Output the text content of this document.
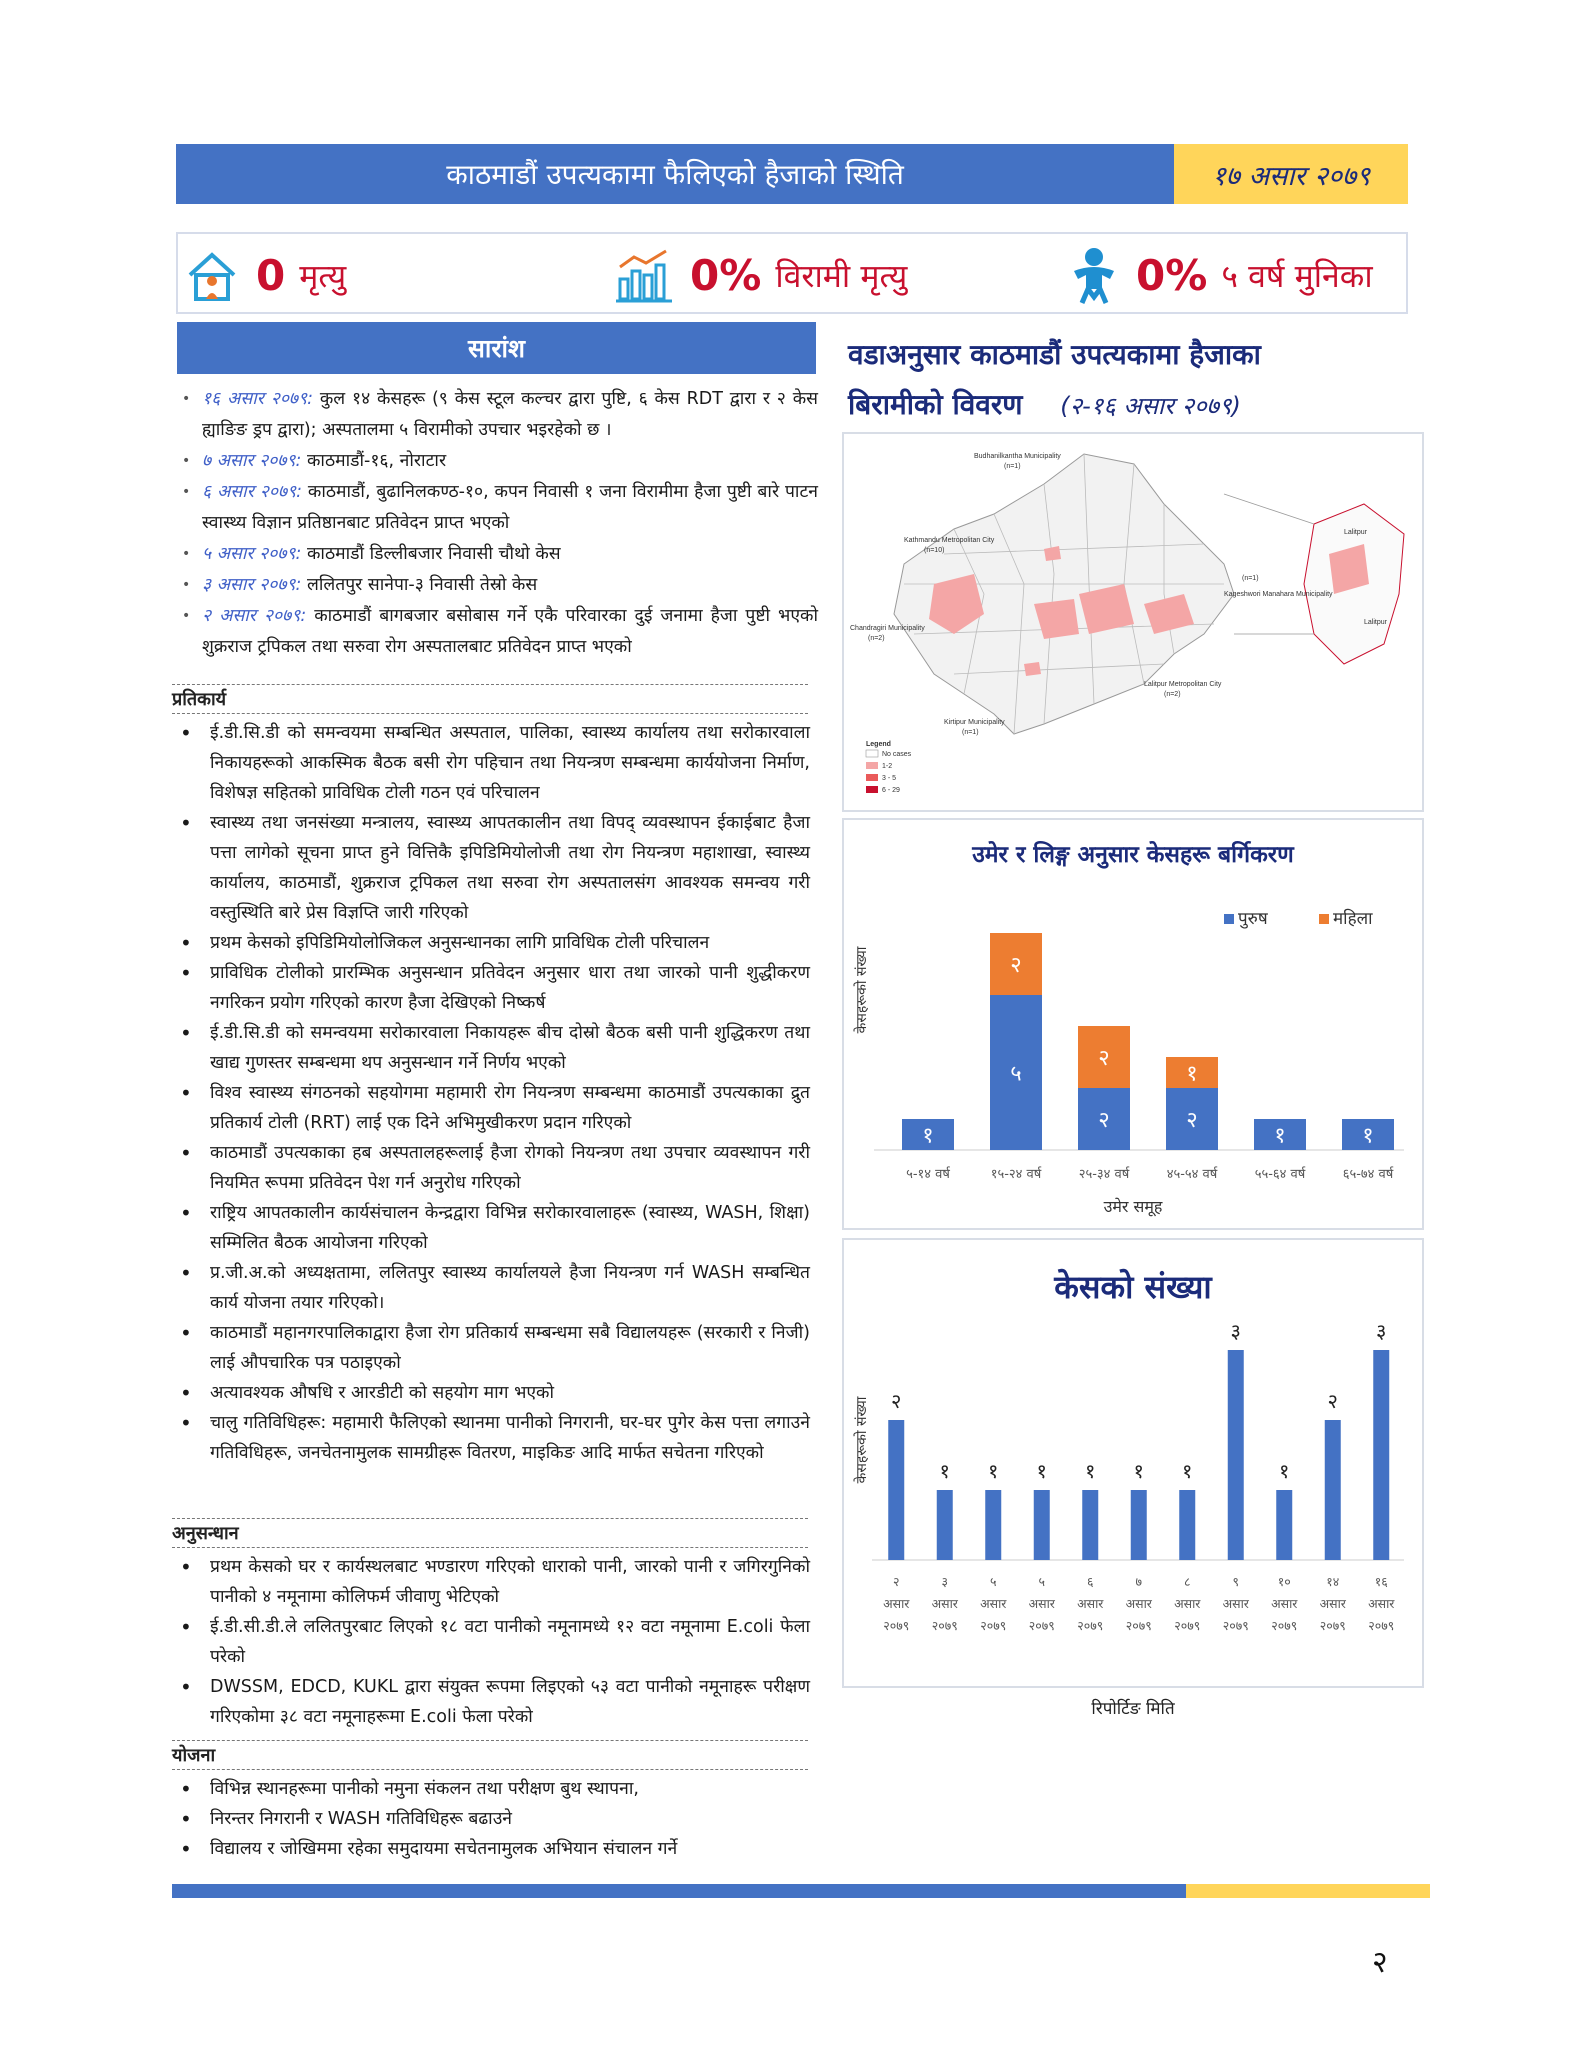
काठमाडौं उपत्यकामा फैलिएको हैजाको स्थिति	१७ असार २०७९
0 मृत्यु	0% विरामी मृत्यु	0% ५ वर्ष मुनिका
सारांश
• १६ असार २०७९: कुल १४ केसहरू (९ केस स्टूल कल्चर द्वारा पुष्टि, ६ केस RDT द्वारा र २ केस ह्याङिङ ड्रप द्वारा); अस्पतालमा ५ विरामीको उपचार भइरहेको छ ।
• ७ असार २०७९: काठमाडौं-१६, नोराटार
• ६ असार २०७९: काठमाडौं, बुढानिलकण्ठ-१०, कपन निवासी १ जना विरामीमा हैजा पुष्टी बारे पाटन स्वास्थ्य विज्ञान प्रतिष्ठानबाट प्रतिवेदन प्राप्त भएको
• ५ असार २०७९: काठमाडौं डिल्लीबजार निवासी चौथो केस
• ३ असार २०७९: ललितपुर सानेपा-३ निवासी तेस्रो केस
• २ असार २०७९: काठमाडौं बागबजार बसोबास गर्ने एकै परिवारका दुई जनामा हैजा पुष्टी भएको शुक्रराज ट्रपिकल तथा सरुवा रोग अस्पतालबाट प्रतिवेदन प्राप्त भएको
प्रतिकार्य
• ई.डी.सि.डी को समन्वयमा सम्बन्धित अस्पताल, पालिका, स्वास्थ्य कार्यालय तथा सरोकारवाला निकायहरूको आकस्मिक बैठक बसी रोग पहिचान तथा नियन्त्रण सम्बन्धमा कार्ययोजना निर्माण, विशेषज्ञ सहितको प्राविधिक टोली गठन एवं परिचालन
• स्वास्थ्य तथा जनसंख्या मन्त्रालय, स्वास्थ्य आपतकालीन तथा विपद् व्यवस्थापन ईकाईबाट हैजा पत्ता लागेको सूचना प्राप्त हुने वित्तिकै इपिडिमियोलोजी तथा रोग नियन्त्रण महाशाखा, स्वास्थ्य कार्यालय, काठमाडौं, शुक्रराज ट्रपिकल तथा सरुवा रोग अस्पतालसंग आवश्यक समन्वय गरी वस्तुस्थिति बारे प्रेस विज्ञप्ति जारी गरिएको
• प्रथम केसको इपिडिमियोलोजिकल अनुसन्धानका लागि प्राविधिक टोली परिचालन
• प्राविधिक टोलीको प्रारम्भिक अनुसन्धान प्रतिवेदन अनुसार धारा तथा जारको पानी शुद्धीकरण नगरिकन प्रयोग गरिएको कारण हैजा देखिएको निष्कर्ष
• ई.डी.सि.डी को समन्वयमा सरोकारवाला निकायहरू बीच दोस्रो बैठक बसी पानी शुद्धिकरण तथा खाद्य गुणस्तर सम्बन्धमा थप अनुसन्धान गर्ने निर्णय भएको
• विश्व स्वास्थ्य संगठनको सहयोगमा महामारी रोग नियन्त्रण सम्बन्धमा काठमाडौं उपत्यकाका द्रुत प्रतिकार्य टोली (RRT) लाई एक दिने अभिमुखीकरण प्रदान गरिएको
• काठमाडौं उपत्यकाका हब अस्पतालहरूलाई हैजा रोगको नियन्त्रण तथा उपचार व्यवस्थापन गरी नियमित रूपमा प्रतिवेदन पेश गर्न अनुरोध गरिएको
• राष्ट्रिय आपतकालीन कार्यसंचालन केन्द्रद्वारा विभिन्न सरोकारवालाहरू (स्वास्थ्य, WASH, शिक्षा) सम्मिलित बैठक आयोजना गरिएको
• प्र.जी.अ.को अध्यक्षतामा, ललितपुर स्वास्थ्य कार्यालयले हैजा नियन्त्रण गर्न WASH सम्बन्धित कार्य योजना तयार गरिएको।
• काठमाडौं महानगरपालिकाद्वारा हैजा रोग प्रतिकार्य सम्बन्धमा सबै विद्यालयहरू (सरकारी र निजी) लाई औपचारिक पत्र पठाइएको
• अत्यावश्यक औषधि र आरडीटी को सहयोग माग भएको
• चालु गतिविधिहरू: महामारी फैलिएको स्थानमा पानीको निगरानी, घर-घर पुगेर केस पत्ता लगाउने गतिविधिहरू, जनचेतनामुलक सामग्रीहरू वितरण, माइकिङ आदि मार्फत सचेतना गरिएको
अनुसन्धान
• प्रथम केसको घर र कार्यस्थलबाट भण्डारण गरिएको धाराको पानी, जारको पानी र जगिरगुनिको पानीको ४ नमूनामा कोलिफर्म जीवाणु भेटिएको
• ई.डी.सी.डी.ले ललितपुरबाट लिएको १८ वटा पानीको नमूनामध्ये १२ वटा नमूनामा E.coli फेला परेको
• DWSSM, EDCD, KUKL द्वारा संयुक्त रूपमा लिइएको ५३ वटा पानीको नमूनाहरू परीक्षण गरिएकोमा ३८ वटा नमूनाहरूमा E.coli फेला परेको
योजना
• विभिन्न स्थानहरूमा पानीको नमुना संकलन तथा परीक्षण बुथ स्थापना,
• निरन्तर निगरानी र WASH गतिविधिहरू बढाउने
• विद्यालय र जोखिममा रहेका समुदायमा सचेतनामुलक अभियान संचालन गर्ने
वडाअनुसार काठमाडौं उपत्यकामा हैजाका
बिरामीको विवरण (२-१६ असार २०७९)
Budhanilkantha Municipality
(n=1)
Kathmandu Metropolitan City
(n=10)
Chandragiri Municipality
(n=2)
Kageshwori Manahara Municipality
(n=1)
Lalitpur Metropolitan City
(n=2)
Kirtipur Municipality
(n=1)
Lalitpur
Lalitpur
Legend
No cases
1-2
3 - 5
6 - 29
उमेर र लिङ्ग अनुसार केसहरू बर्गिकरण
पुरुष	महिला
केसहरूको संख्या
१
५-१४ वर्ष
५
२
१५-२४ वर्ष
२
२
२५-३४ वर्ष
२
१
४५-५४ वर्ष
१
५५-६४ वर्ष
१
६५-७४ वर्ष
उमेर समूह
केसको संख्या
केसहरूको संख्या २
२
असार
२०७९
१
३
असार
२०७९
१
५
असार
२०७९
१
५
असार
२०७९
१
६
असार
२०७९
१
७
असार
२०७९
१
८
असार
२०७९
३
९
असार
२०७९
१
१०
असार
२०७९
२
१४
असार
२०७९
३
१६
असार
२०७९
रिपोर्टिङ मिति
२
